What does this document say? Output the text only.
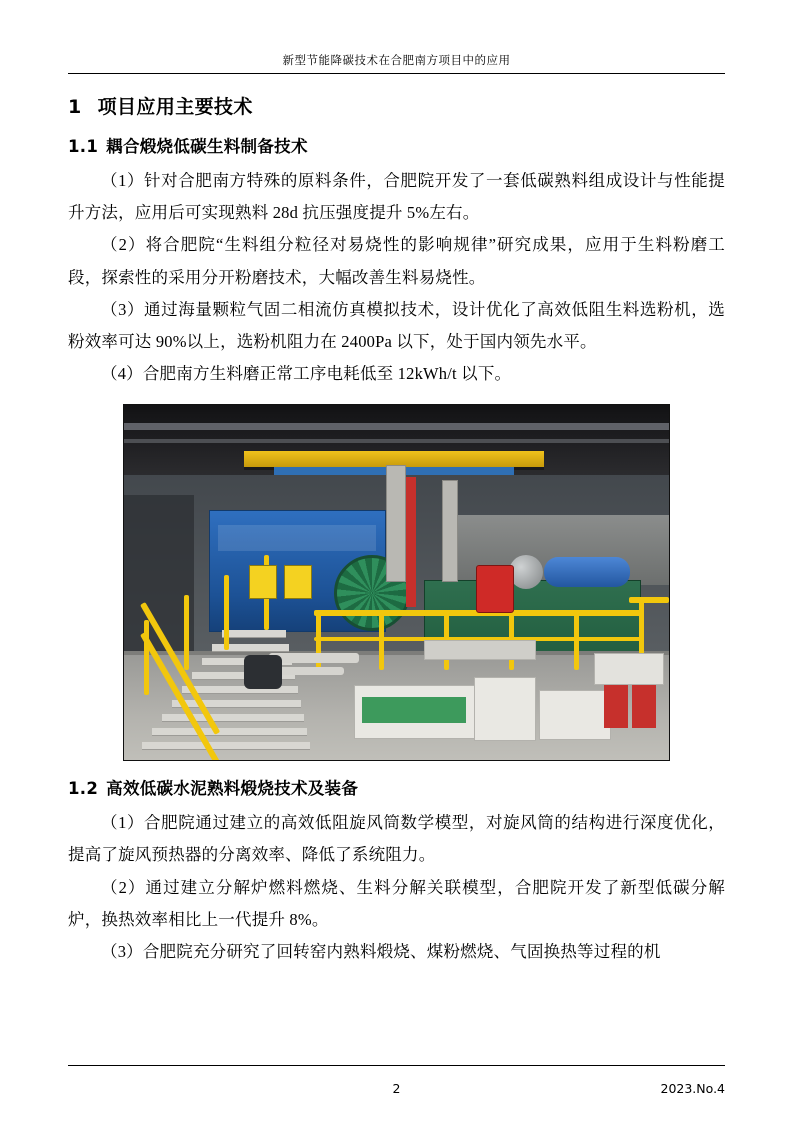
新型节能降碳技术在合肥南方项目中的应用
1 项目应用主要技术
1.1 耦合煅烧低碳生料制备技术

（1）针对合肥南方特殊的原料条件，合肥院开发了一套低碳熟料组成设计与性能提升方法，应用后可实现熟料 28d 抗压强度提升 5%左右。

（2）将合肥院“生料组分粒径对易烧性的影响规律”研究成果，应用于生料粉磨工段，探索性的采用分开粉磨技术，大幅改善生料易烧性。

（3）通过海量颗粒气固二相流仿真模拟技术，设计优化了高效低阻生料选粉机，选粉效率可达 90%以上，选粉机阻力在 2400Pa 以下，处于国内领先水平。

（4）合肥南方生料磨正常工序电耗低至 12kWh/t 以下。

1.2 高效低碳水泥熟料煅烧技术及装备

（1）合肥院通过建立的高效低阻旋风筒数学模型，对旋风筒的结构进行深度优化，提高了旋风预热器的分离效率、降低了系统阻力。

（2）通过建立分解炉燃料燃烧、生料分解关联模型，合肥院开发了新型低碳分解炉，换热效率相比上一代提升 8%。

（3）合肥院充分研究了回转窑内熟料煅烧、煤粉燃烧、气固换热等过程的机

2	2023.No.4
